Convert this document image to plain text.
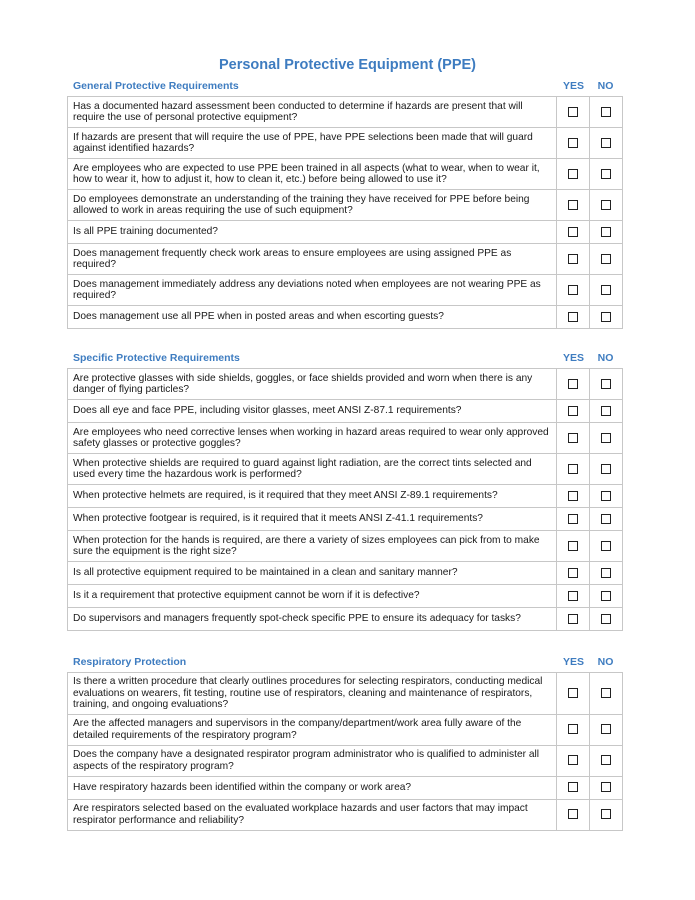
Personal Protective Equipment (PPE)
General Protective Requirements	YES	NO
Has a documented hazard assessment been conducted to determine if hazards are present that will require the use of personal protective equipment?		
If hazards are present that will require the use of PPE, have PPE selections been made that will guard against identified hazards?		
Are employees who are expected to use PPE been trained in all aspects (what to wear, when to wear it, how to wear it, how to adjust it, how to clean it, etc.) before being allowed to use it?		
Do employees demonstrate an understanding of the training they have received for PPE before being allowed to work in areas requiring the use of such equipment?		
Is all PPE training documented?		
Does management frequently check work areas to ensure employees are using assigned PPE as required?		
Does management immediately address any deviations noted when employees are not wearing PPE as required?		
Does management use all PPE when in posted areas and when escorting guests?		
Specific Protective Requirements	YES	NO
Are protective glasses with side shields, goggles, or face shields provided and worn when there is any danger of flying particles?		
Does all eye and face PPE, including visitor glasses, meet ANSI Z-87.1 requirements?		
Are employees who need corrective lenses when working in hazard areas required to wear only approved safety glasses or protective goggles?		
When protective shields are required to guard against light radiation, are the correct tints selected and used every time the hazardous work is performed?		
When protective helmets are required, is it required that they meet ANSI Z-89.1 requirements?		
When protective footgear is required, is it required that it meets ANSI Z-41.1 requirements?		
When protection for the hands is required, are there a variety of sizes employees can pick from to make sure the equipment is the right size?		
Is all protective equipment required to be maintained in a clean and sanitary manner?		
Is it a requirement that protective equipment cannot be worn if it is defective?		
Do supervisors and managers frequently spot-check specific PPE to ensure its adequacy for tasks?		
Respiratory Protection	YES	NO
Is there a written procedure that clearly outlines procedures for selecting respirators, conducting medical evaluations on wearers, fit testing, routine use of respirators, cleaning and maintenance of respirators, training, and ongoing evaluations?		
Are the affected managers and supervisors in the company/department/work area fully aware of the detailed requirements of the respiratory program?		
Does the company have a designated respirator program administrator who is qualified to administer all aspects of the respiratory program?		
Have respiratory hazards been identified within the company or work area?		
Are respirators selected based on the evaluated workplace hazards and user factors that may impact respirator performance and reliability?		
